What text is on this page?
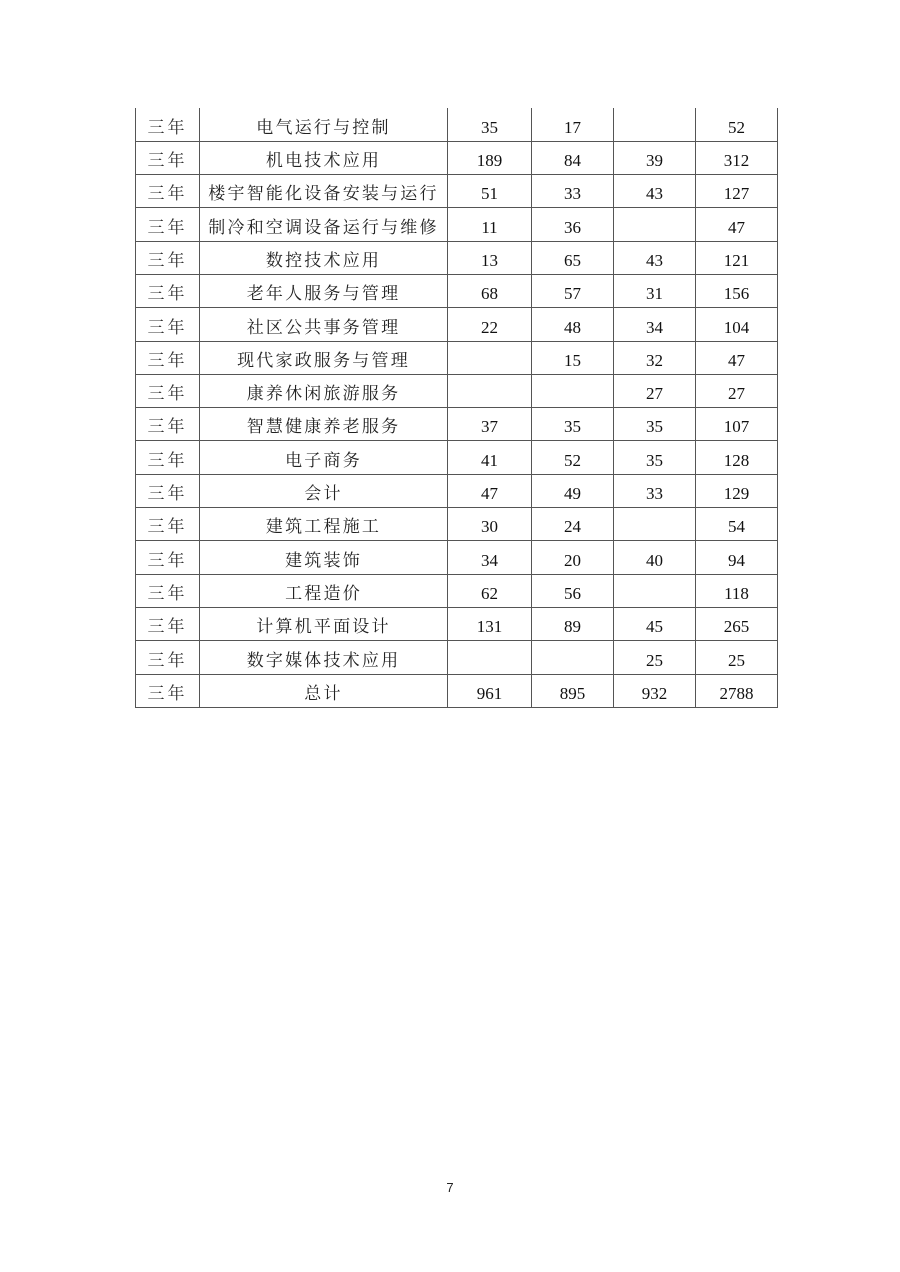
三年	电气运行与控制	35	17		52
三年	机电技术应用	189	84	39	312
三年	楼宇智能化设备安装与运行	51	33	43	127
三年	制冷和空调设备运行与维修	11	36		47
三年	数控技术应用	13	65	43	121
三年	老年人服务与管理	68	57	31	156
三年	社区公共事务管理	22	48	34	104
三年	现代家政服务与管理		15	32	47
三年	康养休闲旅游服务			27	27
三年	智慧健康养老服务	37	35	35	107
三年	电子商务	41	52	35	128
三年	会计	47	49	33	129
三年	建筑工程施工	30	24		54
三年	建筑装饰	34	20	40	94
三年	工程造价	62	56		118
三年	计算机平面设计	131	89	45	265
三年	数字媒体技术应用			25	25
三年	总计	961	895	932	2788
7
